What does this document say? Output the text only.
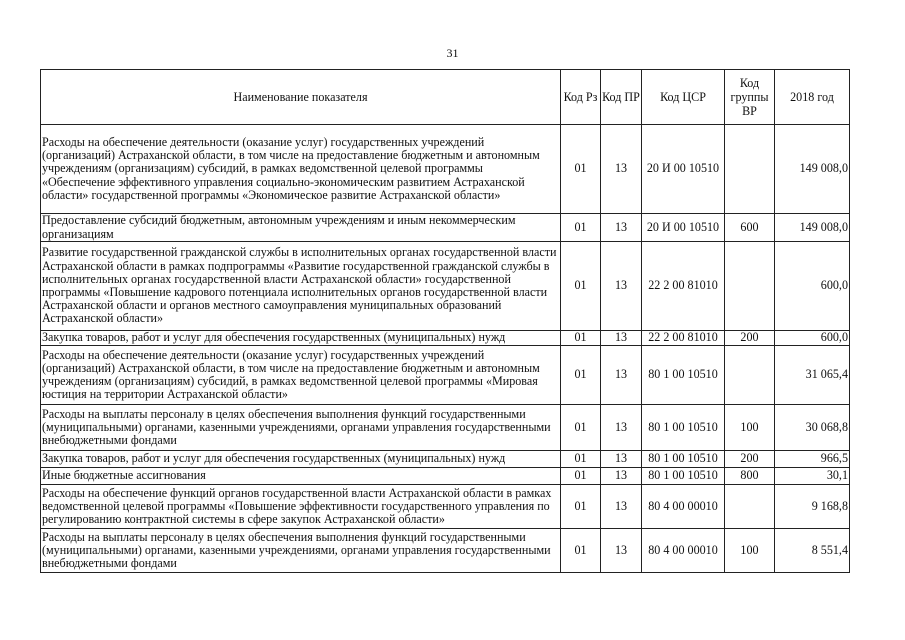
31
Наименование показателя	Код Рз	Код ПР	Код ЦСР	Код группы ВР	2018 год
Расходы на обеспечение деятельности (оказание услуг) государственных учреждений (организаций) Астраханской области, в том числе на предоставление бюджетным и автономным учреждениям (организациям) субсидий, в рамках ведомственной целевой программы «Обеспечение эффективного управления социально-экономическим развитием Астраханской области» государственной программы «Экономическое развитие Астраханской области»	01	13	20 И 00 10510		149 008,0
Предоставление субсидий бюджетным, автономным учреждениям и иным некоммерческим организациям	01	13	20 И 00 10510	600	149 008,0
Развитие государственной гражданской службы в исполнительных органах государственной власти Астраханской области в рамках подпрограммы «Развитие государственной гражданской службы в исполнительных органах государственной власти Астраханской области» государственной программы «Повышение кадрового потенциала исполнительных органов государственной власти Астраханской области и органов местного самоуправления муниципальных образований Астраханской области»	01	13	22 2 00 81010		600,0
Закупка товаров, работ и услуг для обеспечения государственных (муниципальных) нужд	01	13	22 2 00 81010	200	600,0
Расходы на обеспечение деятельности (оказание услуг) государственных учреждений (организаций) Астраханской области, в том числе на предоставление бюджетным и автономным учреждениям (организациям) субсидий, в рамках ведомственной целевой программы «Мировая юстиция на территории Астраханской области»	01	13	80 1 00 10510		31 065,4
Расходы на выплаты персоналу в целях обеспечения выполнения функций государственными (муниципальными) органами, казенными учреждениями, органами управления государственными внебюджетными фондами	01	13	80 1 00 10510	100	30 068,8
Закупка товаров, работ и услуг для обеспечения государственных (муниципальных) нужд	01	13	80 1 00 10510	200	966,5
Иные бюджетные ассигнования	01	13	80 1 00 10510	800	30,1
Расходы на обеспечение функций органов государственной власти Астраханской области в рамках ведомственной целевой программы «Повышение эффективности государственного управления по регулированию контрактной системы в сфере закупок Астраханской области»	01	13	80 4 00 00010		9 168,8
Расходы на выплаты персоналу в целях обеспечения выполнения функций государственными (муниципальными) органами, казенными учреждениями, органами управления государственными внебюджетными фондами	01	13	80 4 00 00010	100	8 551,4
